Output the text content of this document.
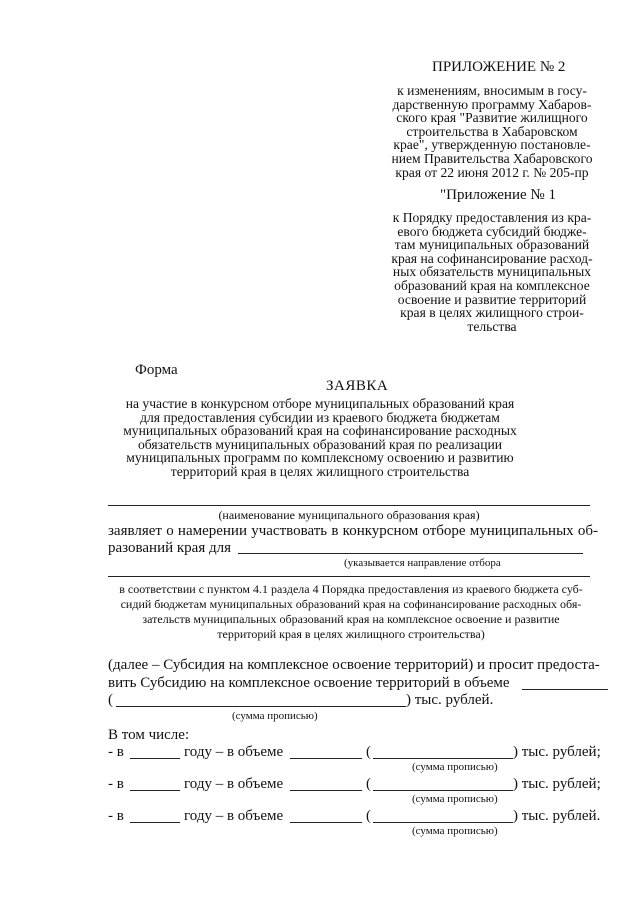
ПРИЛОЖЕНИЕ № 2
к изменениям, вносимым в госу-
дарственную программу Хабаров-
ского края "Развитие жилищного
строительства в Хабаровском
крае", утвержденную постановле-
нием Правительства Хабаровского
края от 22 июня 2012 г. № 205-пр
"Приложение № 1
к Порядку предоставления из кра-
евого бюджета субсидий бюдже-
там муниципальных образований
края на софинансирование расход-
ных обязательств муниципальных
образований края на комплексное
освоение и развитие территорий
края в целях жилищного строи-
тельства
Форма
ЗАЯВКА
на участие в конкурсном отборе муниципальных образований края
для предоставления субсидии из краевого бюджета бюджетам
муниципальных образований края на софинансирование расходных
обязательств муниципальных образований края по реализации
муниципальных программ по комплексному освоению и развитию
территорий края в целях жилищного строительства
(наименование муниципального образования края)
заявляет о намерении участвовать в конкурсном отборе муниципальных об-
разований края для
(указывается направление отбора
в соответствии с пунктом 4.1 раздела 4 Порядка предоставления из краевого бюджета суб-
сидий бюджетам муниципальных образований края на софинансирование расходных обя-
зательств муниципальных образований края на комплексное освоение и развитие
территорий края в целях жилищного строительства)
(далее – Субсидия на комплексное освоение территорий) и просит предоста-
вить Субсидию на комплексное освоение территорий в объеме
(	) тыс. рублей.
(сумма прописью)
В том числе:
- в	году – в объеме	(	) тыс. рублей;
(сумма прописью)
- в	году – в объеме	(	) тыс. рублей;
(сумма прописью)
- в	году – в объеме	(	) тыс. рублей.
(сумма прописью)
